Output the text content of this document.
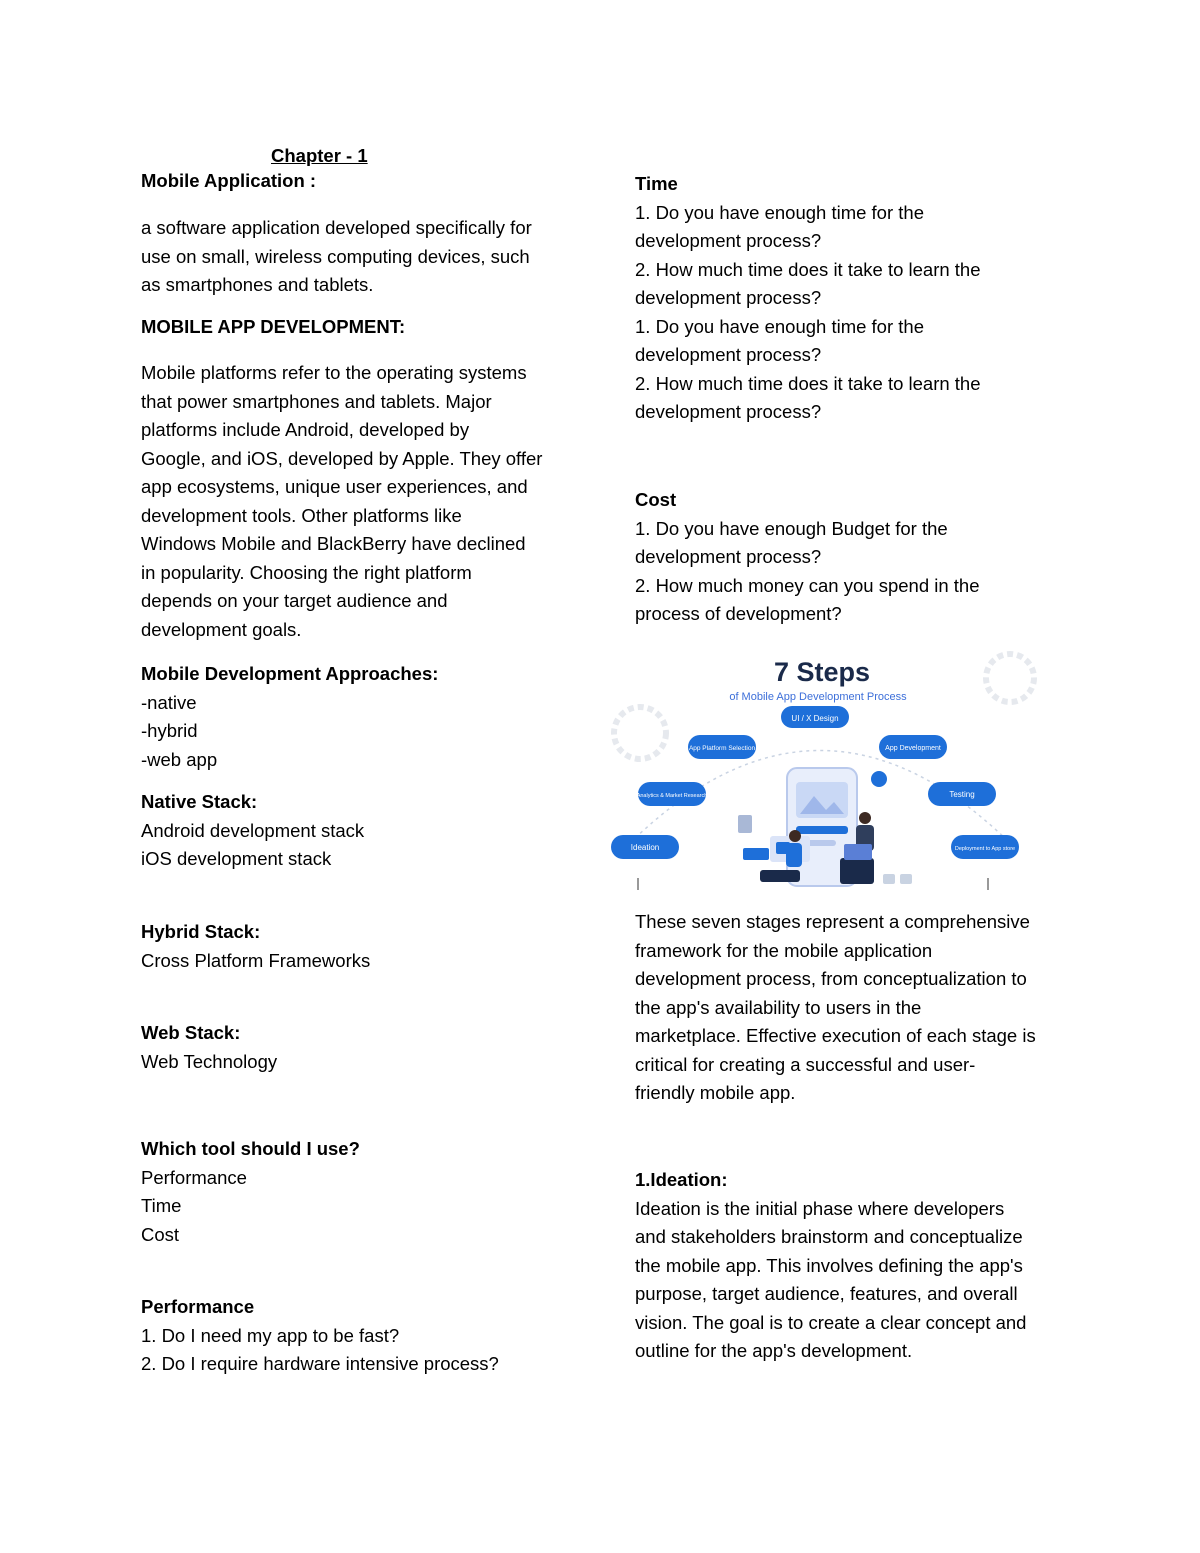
Chapter - 1
Mobile Application :
a software application developed specifically for
use on small, wireless computing devices, such
as smartphones and tablets.
MOBILE APP DEVELOPMENT:
Mobile platforms refer to the operating systems
that power smartphones and tablets. Major
platforms include Android, developed by
Google, and iOS, developed by Apple. They offer
app ecosystems, unique user experiences, and
development tools. Other platforms like
Windows Mobile and BlackBerry have declined
in popularity. Choosing the right platform
depends on your target audience and
development goals.
Mobile Development Approaches:
-native
-hybrid
-web app
Native Stack:
Android development stack
iOS development stack
Hybrid Stack:
Cross Platform Frameworks
Web Stack:
Web Technology
Which tool should I use?
Performance
Time
Cost
Performance
1. Do I need my app to be fast?
2. Do I require hardware intensive process?
Time
1. Do you have enough time for the
development process?
2. How much time does it take to learn the
development process?
1. Do you have enough time for the
development process?
2. How much time does it take to learn the
development process?
Cost
1. Do you have enough Budget for the
development process?
2. How much money can you spend in the
process of development?
7 Steps
of Mobile App Development Process
UI / X Design
App Platform Selection	App Development
Analytics & Market Research	Testing
Ideation	Deployment to App store
These seven stages represent a comprehensive
framework for the mobile application
development process, from conceptualization to
the app's availability to users in the
marketplace. Effective execution of each stage is
critical for creating a successful and user-
friendly mobile app.
1.Ideation:
Ideation is the initial phase where developers
and stakeholders brainstorm and conceptualize
the mobile app. This involves defining the app's
purpose, target audience, features, and overall
vision. The goal is to create a clear concept and
outline for the app's development.
